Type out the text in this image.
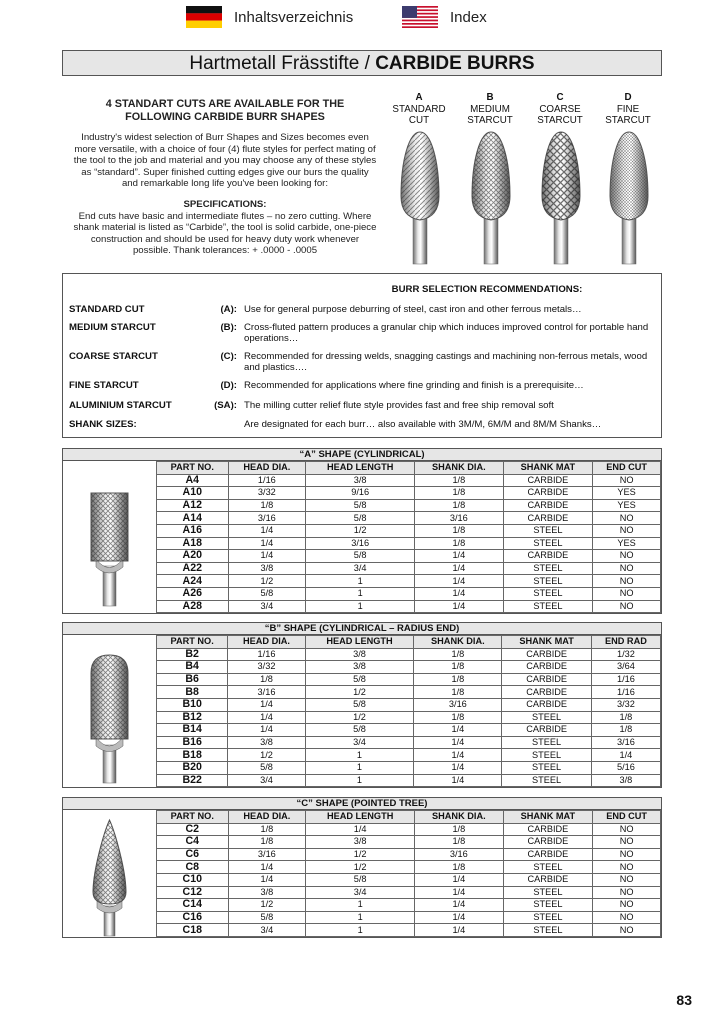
Inhaltsverzeichnis	Index
Hartmetall Frässtifte / CARBIDE BURRS
4 STANDART CUTS ARE AVAILABLE FOR THE FOLLOWING CARBIDE BURR SHAPES
Industry's widest selection of Burr Shapes and Sizes becomes even more versatile, with a choice of four (4) flute styles for perfect mating of the tool to the job and material and you may choose any of these styles as “standard”. Super finished cutting edges give our burs the quality and remarkable long life you've been looking for:
SPECIFICATIONS:
End cuts have basic and intermediate flutes – no zero cutting. Where shank material is listed as “Carbide”, the tool is solid carbide, one-piece construction and should be used for heavy duty work whenever possible. Thank tolerances: + .0000 - .0005
A
STANDARD
CUT
B
MEDIUM
STARCUT
C
COARSE
STARCUT
D
FINE
STARCUT
BURR SELECTION RECOMMENDATIONS:
STANDARD CUT	(A): Use for general purpose deburring of steel, cast iron and other ferrous metals…
MEDIUM STARCUT	(B): Cross-fluted pattern produces a granular chip which induces improved control for portable hand operations…
COARSE STARCUT	(C): Recommended for dressing welds, snagging castings and machining non-ferrous metals, wood and plastics….
FINE STARCUT	(D): Recommended for applications where fine grinding and finish is a prerequisite…
ALUMINIUM STARCUT	(SA): The milling cutter relief flute style provides fast and free ship removal soft
SHANK SIZES:	Are designated for each burr… also available with 3M/M, 6M/M and 8M/M Shanks…
“A” SHAPE (CYLINDRICAL)
PART NO.	HEAD DIA.	HEAD LENGTH	SHANK DIA.	SHANK MAT	END CUT
A4	1/16	3/8	1/8	CARBIDE	NO
A10	3/32	9/16	1/8	CARBIDE	YES
A12	1/8	5/8	1/8	CARBIDE	YES
A14	3/16	5/8	3/16	CARBIDE	NO
A16	1/4	1/2	1/8	STEEL	NO
A18	1/4	3/16	1/8	STEEL	YES
A20	1/4	5/8	1/4	CARBIDE	NO
A22	3/8	3/4	1/4	STEEL	NO
A24	1/2	1	1/4	STEEL	NO
A26	5/8	1	1/4	STEEL	NO
A28	3/4	1	1/4	STEEL	NO
“B” SHAPE (CYLINDRICAL – RADIUS END)
PART NO.	HEAD DIA.	HEAD LENGTH	SHANK DIA.	SHANK MAT	END RAD
B2	1/16	3/8	1/8	CARBIDE	1/32
B4	3/32	3/8	1/8	CARBIDE	3/64
B6	1/8	5/8	1/8	CARBIDE	1/16
B8	3/16	1/2	1/8	CARBIDE	1/16
B10	1/4	5/8	3/16	CARBIDE	3/32
B12	1/4	1/2	1/8	STEEL	1/8
B14	1/4	5/8	1/4	CARBIDE	1/8
B16	3/8	3/4	1/4	STEEL	3/16
B18	1/2	1	1/4	STEEL	1/4
B20	5/8	1	1/4	STEEL	5/16
B22	3/4	1	1/4	STEEL	3/8
“C” SHAPE (POINTED TREE)
PART NO.	HEAD DIA.	HEAD LENGTH	SHANK DIA.	SHANK MAT	END CUT
C2	1/8	1/4	1/8	CARBIDE	NO
C4	1/8	3/8	1/8	CARBIDE	NO
C6	3/16	1/2	3/16	CARBIDE	NO
C8	1/4	1/2	1/8	STEEL	NO
C10	1/4	5/8	1/4	CARBIDE	NO
C12	3/8	3/4	1/4	STEEL	NO
C14	1/2	1	1/4	STEEL	NO
C16	5/8	1	1/4	STEEL	NO
C18	3/4	1	1/4	STEEL	NO
83
